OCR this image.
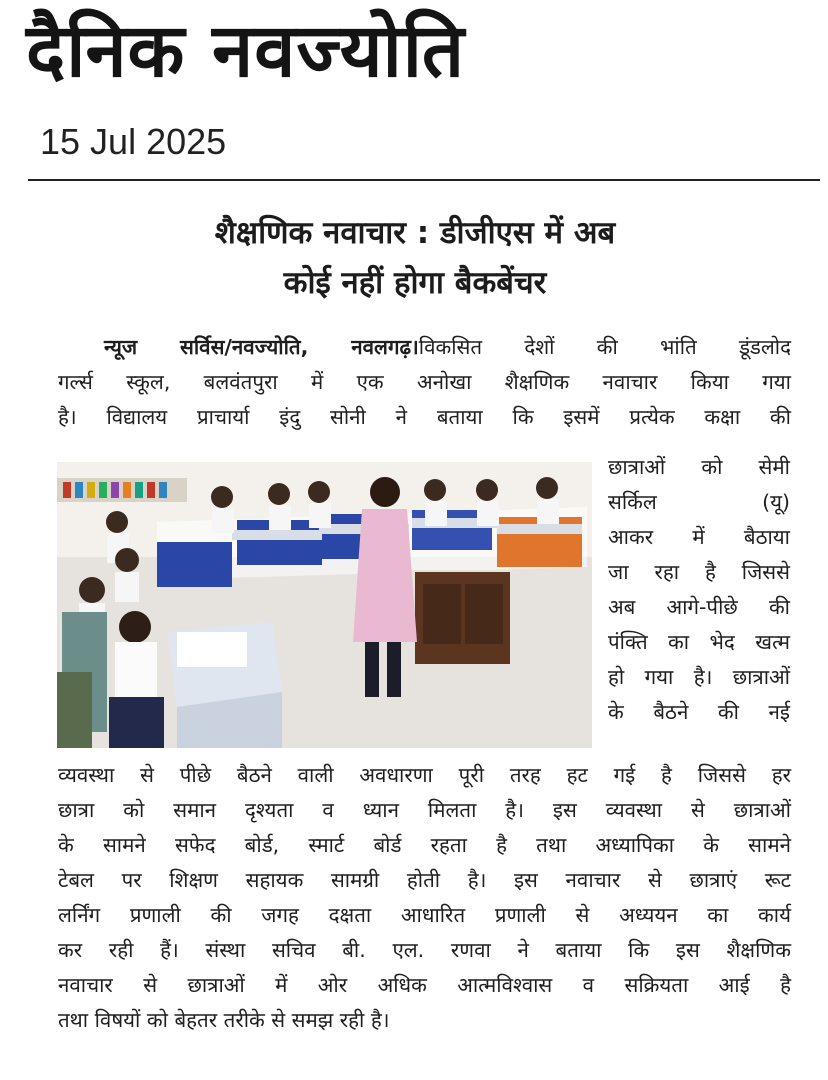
दैनिक नवज्योति
15 Jul 2025
शैक्षणिक नवाचार : डीजीएस में अब
कोई नहीं होगा बैकबेंचर
न्यूज सर्विस/नवज्योति, नवलगढ़।विकसित देशों की भांति डूंडलोद
गर्ल्स स्कूल, बलवंतपुरा में एक अनोखा शैक्षणिक नवाचार किया गया
है। विद्यालय प्राचार्या इंदु सोनी ने बताया कि इसमें प्रत्येक कक्षा की
छात्राओं को सेमी
सर्किल (यू)
आकर में बैठाया
जा रहा है जिससे
अब आगे-पीछे की
पंक्ति का भेद खत्म
हो गया है। छात्राओं
के बैठने की नई
व्यवस्था से पीछे बैठने वाली अवधारणा पूरी तरह हट गई है जिससे हर
छात्रा को समान दृश्यता व ध्यान मिलता है। इस व्यवस्था से छात्राओं
के सामने सफेद बोर्ड, स्मार्ट बोर्ड रहता है तथा अध्यापिका के सामने
टेबल पर शिक्षण सहायक सामग्री होती है। इस नवाचार से छात्राएं रूट
लर्निंग प्रणाली की जगह दक्षता आधारित प्रणाली से अध्ययन का कार्य
कर रही हैं। संस्था सचिव बी. एल. रणवा ने बताया कि इस शैक्षणिक
नवाचार से छात्राओं में ओर अधिक आत्मविश्वास व सक्रियता आई है
तथा विषयों को बेहतर तरीके से समझ रही है।
